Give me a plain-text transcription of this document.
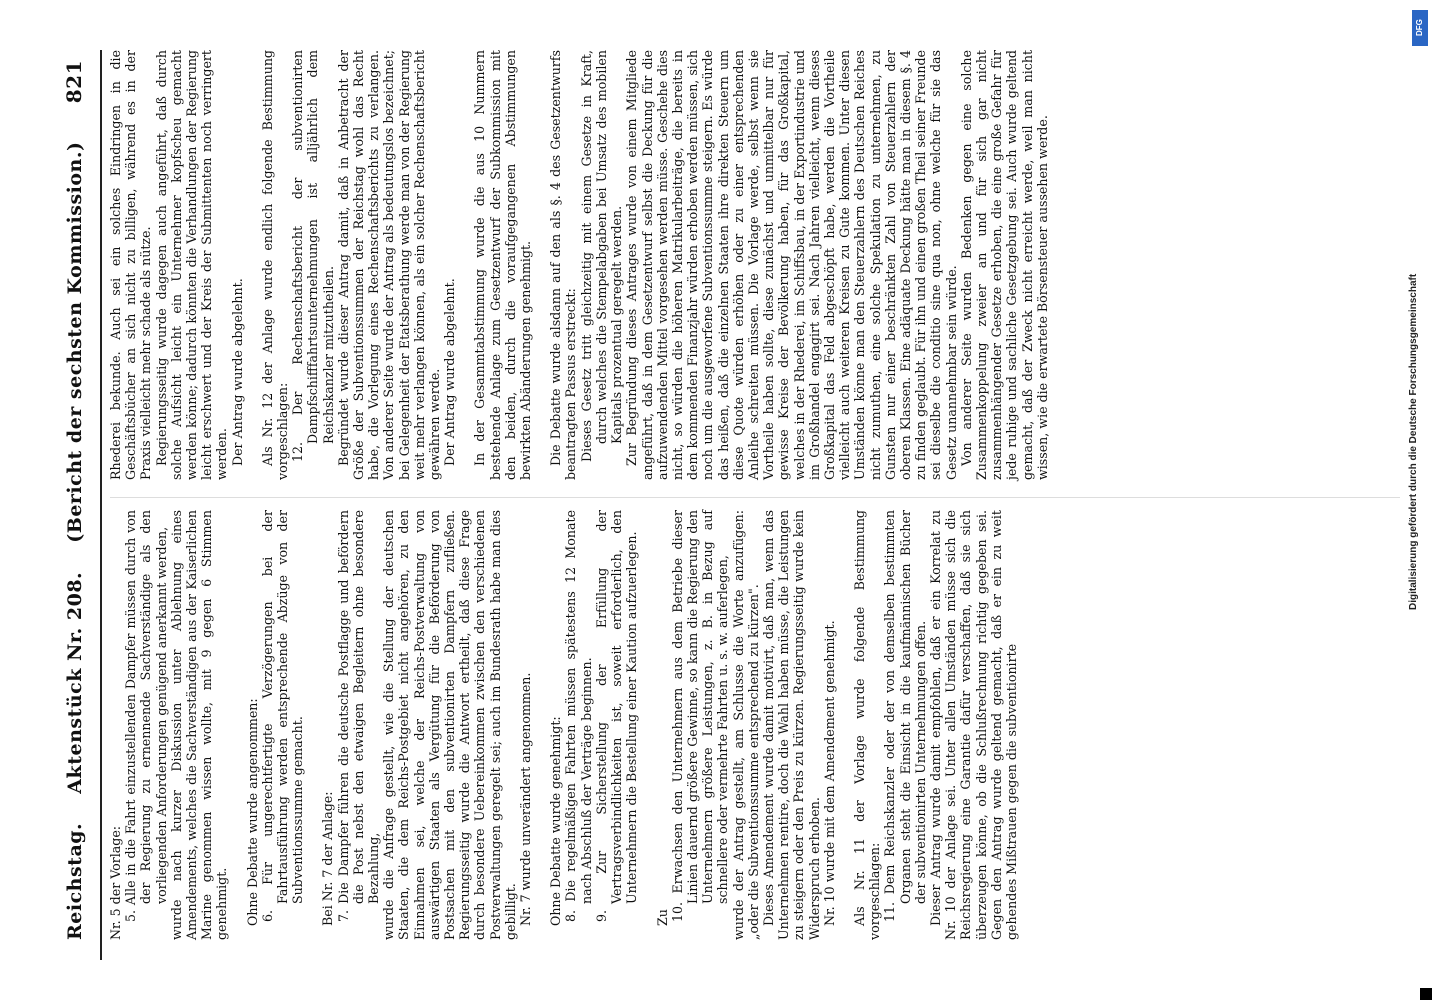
Reichstag. Aktenstück Nr. 208. (Bericht der sechsten Kommission.)
821

Nr. 5 der Vorlage: 5. Alle in die Fahrt einzustellenden Dampfer müssen durch von der Regierung zu ernennende Sachverständige als den vorliegenden Anforderungen genügend anerkannt werden, wurde nach kurzer Diskussion unter Ablehnung eines Amendements, welches die Sachverständigen aus der Kaiserlichen Marine genommen wissen wollte, mit 9 gegen 6 Stimmen genehmigt. Ohne Debatte wurde angenommen: 6. Für ungerechtfertigte Verzögerungen bei der Fahrtausführung werden entsprechende Abzüge von der Subventionssumme gemacht. Bei Nr. 7 der Anlage: 7. Die Dampfer führen die deutsche Postflagge und befördern die Post nebst den etwaigen Begleitern ohne besondere Bezahlung, wurde die Anfrage gestellt, wie die Stellung der deutschen Staaten, die dem Reichs-Postgebiet nicht angehören, zu den Einnahmen sei, welche der Reichs-Postverwaltung von auswärtigen Staaten als Vergütung für die Beförderung von Postsachen mit den subventionirten Dampfern zufließen. Regierungsseitig wurde die Antwort ertheilt, daß diese Frage durch besondere Uebereinkommen zwischen den verschiedenen Postverwaltungen geregelt sei; auch im Bundesrath habe man dies gebilligt. Nr. 7 wurde unverändert angenommen. Ohne Debatte wurde genehmigt: 8. Die regelmäßigen Fahrten müssen spätestens 12 Monate nach Abschluß der Verträge beginnen. 9. Zur Sicherstellung der Erfüllung der Vertragsverbindlichkeiten ist, soweit erforderlich, den Unternehmern die Bestellung einer Kaution aufzuerlegen.

Zu 10. Erwachsen den Unternehmern aus dem Betriebe dieser Linien dauernd größere Gewinne, so kann die Regierung den Unternehmern größere Leistungen, z. B. in Bezug auf schnellere oder vermehrte Fahrten u. s. w. auferlegen, wurde der Antrag gestellt, am Schlusse die Worte anzufügen: „oder die Subventionssumme entsprechend zu kürzen". Dieses Amendement wurde damit motivirt, daß man, wenn das Unternehmen rentire, doch die Wahl haben müsse, die Leistungen zu steigern oder den Preis zu kürzen. Regierungsseitig wurde kein Widerspruch erhoben. Nr. 10 wurde mit dem Amendement genehmigt. Als Nr. 11 der Vorlage wurde folgende Bestimmung vorgeschlagen: 11. Dem Reichskanzler oder der von demselben bestimmten Organen steht die Einsicht in die kaufmännischen Bücher der subventionirten Unternehmungen offen. Dieser Antrag wurde damit empfohlen, daß er ein Korrelat zu Nr. 10 der Anlage sei. Unter allen Umständen müsse sich die Reichsregierung eine Garantie dafür verschaffen, daß sie sich überzeugen könne, ob die Schlußrechnung richtig gegeben sei. Gegen den Antrag wurde geltend gemacht, daß er ein zu weit gehendes Mißtrauen gegen die subventionirte

Rhederei bekunde. Auch sei ein solches Eindringen in die Geschäftsbücher an sich nicht zu billigen, während es in der Praxis vielleicht mehr schade als nütze. Regierungsseitig wurde dagegen auch angeführt, daß durch solche Aufsicht leicht ein Unternehmer kopfscheu gemacht werden könne; dadurch könnten die Verhandlungen der Regierung leicht erschwert und der Kreis der Submittenten noch verringert werden. Der Antrag wurde abgelehnt. Als Nr. 12 der Anlage wurde endlich folgende Bestimmung vorgeschlagen: 12. Der Rechenschaftsbericht der subventionirten Dampfschifffahrtsunternehmungen ist alljährlich dem Reichskanzler mitzutheilen. Begründet wurde dieser Antrag damit, daß in Anbetracht der Größe der Subventionssummen der Reichstag wohl das Recht habe, die Vorlegung eines Rechenschaftsberichts zu verlangen. Von anderer Seite wurde der Antrag als bedeutungslos bezeichnet; bei Gelegenheit der Etatsberathung werde man von der Regierung weit mehr verlangen können, als ein solcher Rechenschaftsbericht gewähren werde. Der Antrag wurde abgelehnt. In der Gesammtabstimmung wurde die aus 10 Nummern bestehende Anlage zum Gesetzentwurf der Subkommission mit den beiden, durch die voraufgegangenen Abstimmungen bewirkten Abänderungen genehmigt. Die Debatte wurde alsdann auf den als §. 4 des Gesetzentwurfs beantragten Passus erstreckt: Dieses Gesetz tritt gleichzeitig mit einem Gesetze in Kraft, durch welches die Stempelabgaben bei Umsatz des mobilen Kapitals prozentual geregelt werden. Zur Begründung dieses Antrages wurde von einem Mitgliede angeführt, daß in dem Gesetzentwurf selbst die Deckung für die aufzuwendenden Mittel vorgesehen werden müsse. Geschehe dies nicht, so würden die höheren Matrikularbeiträge, die bereits in dem kommenden Finanzjahr würden erhoben werden müssen, sich noch um die ausgeworfene Subventionssumme steigern. Es würde das heißen, daß die einzelnen Staaten ihre direkten Steuern um diese Quote würden erhöhen oder zu einer entsprechenden Anleihe schreiten müssen. Die Vorlage werde, selbst wenn sie Vortheile haben sollte, diese zunächst und unmittelbar nur für gewisse Kreise der Bevölkerung haben, für das Großkapital, welches in der Rhederei, im Schiffsbau, in der Exportindustrie und im Großhandel engagirt sei. Nach Jahren vielleicht, wenn dieses Großkapital das Feld abgeschöpft habe, werden die Vortheile vielleicht auch weiteren Kreisen zu Gute kommen. Unter diesen Umständen könne man den Steuerzahlern des Deutschen Reiches nicht zumuthen, eine solche Spekulation zu unternehmen, zu Gunsten nur einer beschränkten Zahl von Steuerzahlern der oberen Klassen. Eine adäquate Deckung hätte man in diesem §. 4 zu finden geglaubt. Für ihn und einen großen Theil seiner Freunde sei dieselbe die conditio sine qua non, ohne welche für sie das Gesetz unannehmbar sein würde. Von anderer Seite wurden Bedenken gegen eine solche Zusammenkoppelung zweier an und für sich gar nicht zusammenhängender Gesetze erhoben, die eine große Gefahr für jede ruhige und sachliche Gesetzgebung sei. Auch wurde geltend gemacht, daß der Zweck nicht erreicht werde, weil man nicht wissen, wie die erwartete Börsensteuer aussehen werde.	Digitalisierung gefördert durch die Deutsche Forschungsgemeinschaft
DFG
